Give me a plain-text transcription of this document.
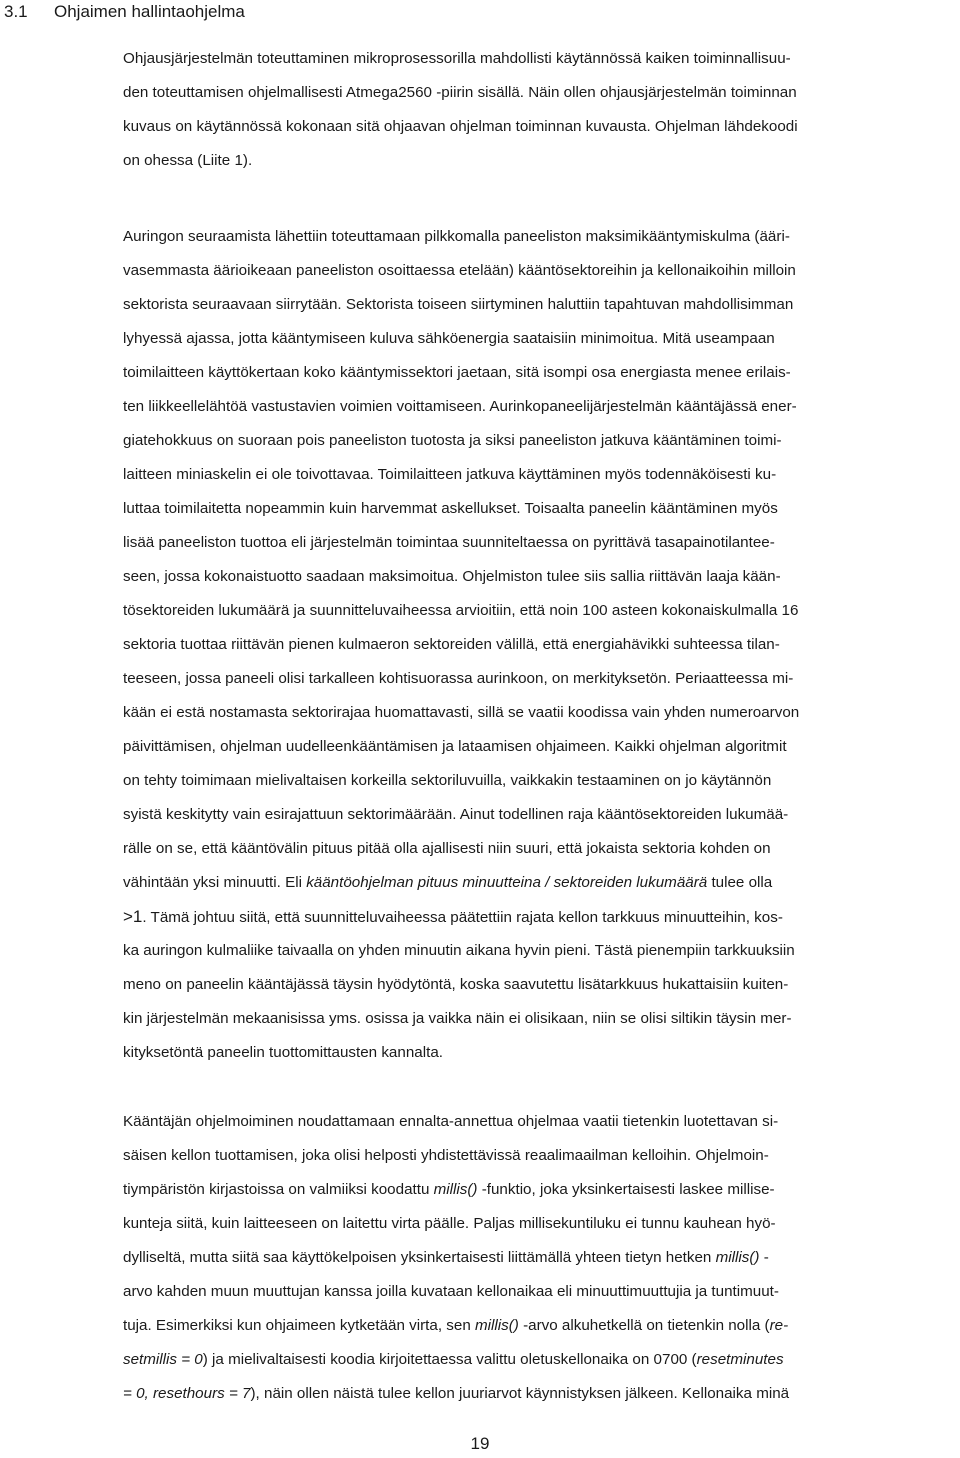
3.1 Ohjaimen hallintaohjelma
Ohjausjärjestelmän toteuttaminen mikroprosessorilla mahdollisti käytännössä kaiken toiminnallisuu-
den toteuttamisen ohjelmallisesti Atmega2560 -piirin sisällä. Näin ollen ohjausjärjestelmän toiminnan
kuvaus on käytännössä kokonaan sitä ohjaavan ohjelman toiminnan kuvausta. Ohjelman lähdekoodi
on ohessa (Liite 1).
Auringon seuraamista lähettiin toteuttamaan pilkkomalla paneeliston maksimikääntymiskulma (ääri-
vasemmasta äärioikeaan paneeliston osoittaessa etelään) kääntösektoreihin ja kellonaikoihin milloin
sektorista seuraavaan siirrytään. Sektorista toiseen siirtyminen haluttiin tapahtuvan mahdollisimman
lyhyessä ajassa, jotta kääntymiseen kuluva sähköenergia saataisiin minimoitua. Mitä useampaan
toimilaitteen käyttökertaan koko kääntymissektori jaetaan, sitä isompi osa energiasta menee erilais-
ten liikkeellelähtöä vastustavien voimien voittamiseen. Aurinkopaneelijärjestelmän kääntäjässä ener-
giatehokkuus on suoraan pois paneeliston tuotosta ja siksi paneeliston jatkuva kääntäminen toimi-
laitteen miniaskelin ei ole toivottavaa. Toimilaitteen jatkuva käyttäminen myös todennäköisesti ku-
luttaa toimilaitetta nopeammin kuin harvemmat askellukset. Toisaalta paneelin kääntäminen myös
lisää paneeliston tuottoa eli järjestelmän toimintaa suunniteltaessa on pyrittävä tasapainotilantee-
seen, jossa kokonaistuotto saadaan maksimoitua. Ohjelmiston tulee siis sallia riittävän laaja kään-
tösektoreiden lukumäärä ja suunnitteluvaiheessa arvioitiin, että noin 100 asteen kokonaiskulmalla 16
sektoria tuottaa riittävän pienen kulmaeron sektoreiden välillä, että energiahävikki suhteessa tilan-
teeseen, jossa paneeli olisi tarkalleen kohtisuorassa aurinkoon, on merkityksetön. Periaatteessa mi-
kään ei estä nostamasta sektorirajaa huomattavasti, sillä se vaatii koodissa vain yhden numeroarvon
päivittämisen, ohjelman uudelleenkääntämisen ja lataamisen ohjaimeen. Kaikki ohjelman algoritmit
on tehty toimimaan mielivaltaisen korkeilla sektoriluvuilla, vaikkakin testaaminen on jo käytännön
syistä keskitytty vain esirajattuun sektorimäärään. Ainut todellinen raja kääntösektoreiden lukumää-
rälle on se, että kääntövälin pituus pitää olla ajallisesti niin suuri, että jokaista sektoria kohden on
vähintään yksi minuutti. Eli kääntöohjelman pituus minuutteina / sektoreiden lukumäärä tulee olla
>1. Tämä johtuu siitä, että suunnitteluvaiheessa päätettiin rajata kellon tarkkuus minuutteihin, kos-
ka auringon kulmaliike taivaalla on yhden minuutin aikana hyvin pieni. Tästä pienempiin tarkkuuksiin
meno on paneelin kääntäjässä täysin hyödytöntä, koska saavutettu lisätarkkuus hukattaisiin kuiten-
kin järjestelmän mekaanisissa yms. osissa ja vaikka näin ei olisikaan, niin se olisi siltikin täysin mer-
kityksetöntä paneelin tuottomittausten kannalta.
Kääntäjän ohjelmoiminen noudattamaan ennalta-annettua ohjelmaa vaatii tietenkin luotettavan si-
säisen kellon tuottamisen, joka olisi helposti yhdistettävissä reaalimaailman kelloihin. Ohjelmoin-
tiympäristön kirjastoissa on valmiiksi koodattu millis() -funktio, joka yksinkertaisesti laskee millise-
kunteja siitä, kuin laitteeseen on laitettu virta päälle. Paljas millisekuntiluku ei tunnu kauhean hyö-
dylliseltä, mutta siitä saa käyttökelpoisen yksinkertaisesti liittämällä yhteen tietyn hetken millis() -
arvo kahden muun muuttujan kanssa joilla kuvataan kellonaikaa eli minuuttimuuttujia ja tuntimuut-
tuja. Esimerkiksi kun ohjaimeen kytketään virta, sen millis() -arvo alkuhetkellä on tietenkin nolla (re-
setmillis = 0) ja mielivaltaisesti koodia kirjoitettaessa valittu oletuskellonaika on 0700 (resetminutes
= 0, resethours = 7), näin ollen näistä tulee kellon juuriarvot käynnistyksen jälkeen. Kellonaika minä
19
